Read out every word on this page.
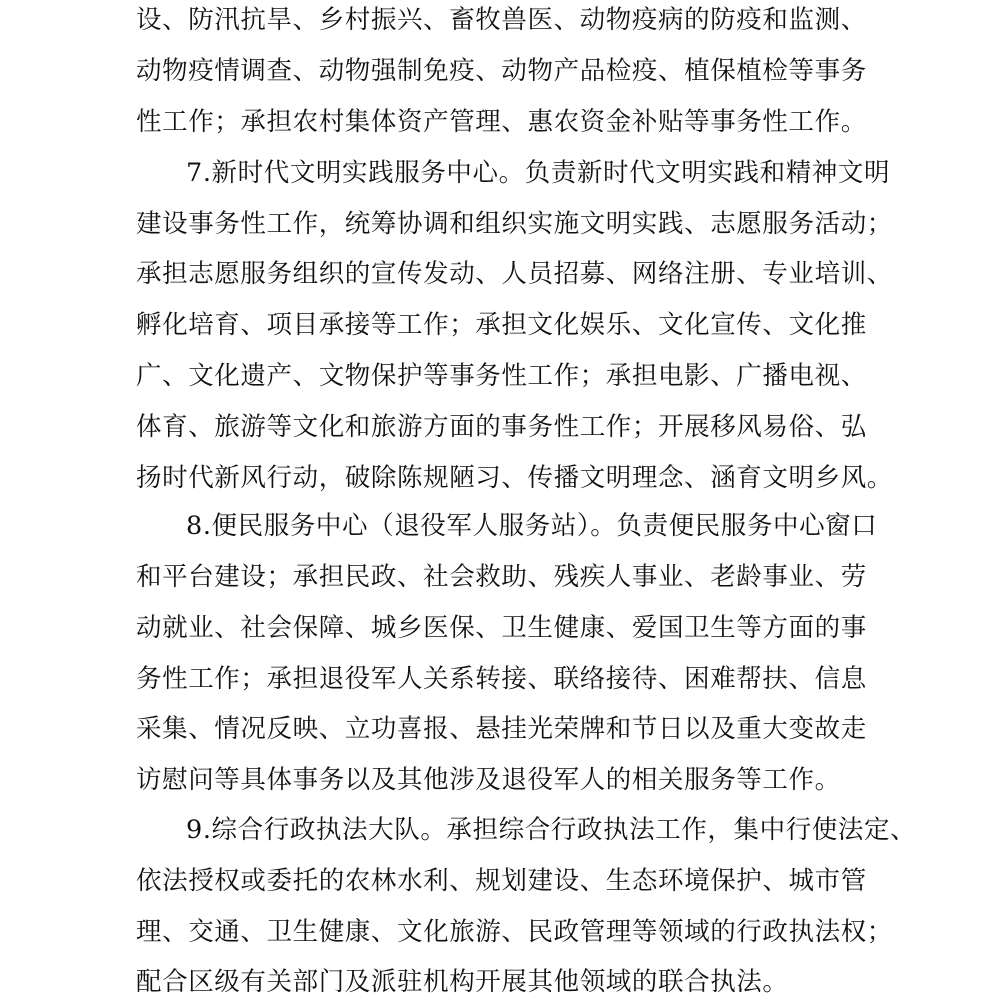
设、防汛抗旱、乡村振兴、畜牧兽医、动物疫病的防疫和监测、
动物疫情调查、动物强制免疫、动物产品检疫、植保植检等事务
性工作；承担农村集体资产管理、惠农资金补贴等事务性工作。
7.新时代文明实践服务中心。负责新时代文明实践和精神文明
建设事务性工作，统筹协调和组织实施文明实践、志愿服务活动；
承担志愿服务组织的宣传发动、人员招募、网络注册、专业培训、
孵化培育、项目承接等工作；承担文化娱乐、文化宣传、文化推
广、文化遗产、文物保护等事务性工作；承担电影、广播电视、
体育、旅游等文化和旅游方面的事务性工作；开展移风易俗、弘
扬时代新风行动，破除陈规陋习、传播文明理念、涵育文明乡风。
8.便民服务中心（退役军人服务站）。负责便民服务中心窗口
和平台建设；承担民政、社会救助、残疾人事业、老龄事业、劳
动就业、社会保障、城乡医保、卫生健康、爱国卫生等方面的事
务性工作；承担退役军人关系转接、联络接待、困难帮扶、信息
采集、情况反映、立功喜报、悬挂光荣牌和节日以及重大变故走
访慰问等具体事务以及其他涉及退役军人的相关服务等工作。
9.综合行政执法大队。承担综合行政执法工作，集中行使法定、
依法授权或委托的农林水利、规划建设、生态环境保护、城市管
理、交通、卫生健康、文化旅游、民政管理等领域的行政执法权；
配合区级有关部门及派驻机构开展其他领域的联合执法。
